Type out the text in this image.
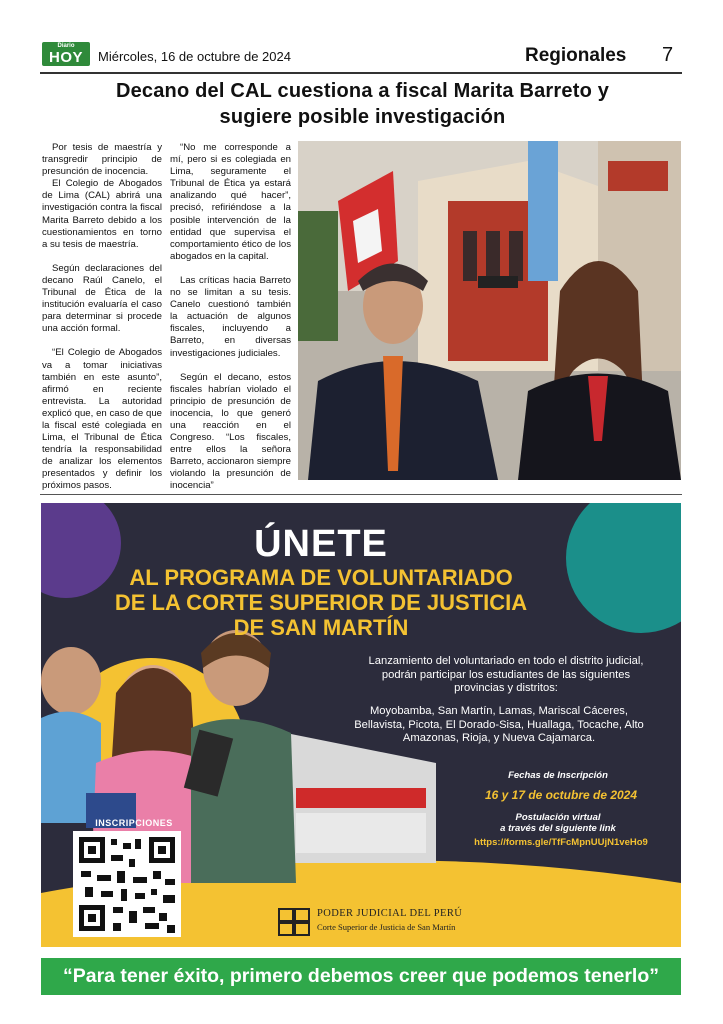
Diario
HOY	Miércoles, 16 de octubre de 2024	Regionales 7
Decano del CAL cuestiona a fiscal Marita Barreto y
sugiere posible investigación

Por tesis de maestría y transgredir principio de presunción de inocencia.

El Colegio de Abogados de Lima (CAL) abrirá una investigación contra la fiscal Marita Barreto debido a los cuestionamientos en torno a su tesis de maestría.

Según declaraciones del decano Raúl Canelo, el Tribunal de Ética de la institución evaluaría el caso para determinar si procede una acción formal.

“El Colegio de Abogados va a tomar iniciativas también en este asunto”, afirmó en reciente entrevista. La autoridad explicó que, en caso de que la fiscal esté colegiada en Lima, el Tribunal de Ética tendría la responsabilidad de analizar los elementos presentados y definir los próximos pasos.

“No me corresponde a mí, pero si es colegiada en Lima, seguramente el Tribunal de Ética ya estará analizando qué hacer”, precisó, refiriéndose a la posible intervención de la entidad que supervisa el comportamiento ético de los abogados en la capital.

Las críticas hacia Barreto no se limitan a su tesis. Canelo cuestionó también la actuación de algunos fiscales, incluyendo a Barreto, en diversas investigaciones judiciales.

Según el decano, estos fiscales habrían violado el principio de presunción de inocencia, lo que generó una reacción en el Congreso. “Los fiscales, entre ellos la señora Barreto, accionaron siempre violando la presunción de inocencia”

ÚNETE
AL PROGRAMA DE VOLUNTARIADO
DE LA CORTE SUPERIOR DE JUSTICIA
DE SAN MARTÍN
Lanzamiento del voluntariado en todo el distrito judicial,
podrán participar los estudiantes de las siguientes
provincias y distritos:
Moyobamba, San Martín, Lamas, Mariscal Cáceres,
Bellavista, Picota, El Dorado-Sisa, Huallaga, Tocache, Alto
Amazonas, Rioja, y Nueva Cajamarca.
Fechas de Inscripción
16 y 17 de octubre de 2024
Postulación virtual
a través del siguiente link
https://forms.gle/TfFcMpnUUjN1veHo9
INSCRIPCIONES
PODER JUDICIAL DEL PERÚ
Corte Superior de Justicia de San Martín
“Para tener éxito, primero debemos creer que podemos tenerlo”
